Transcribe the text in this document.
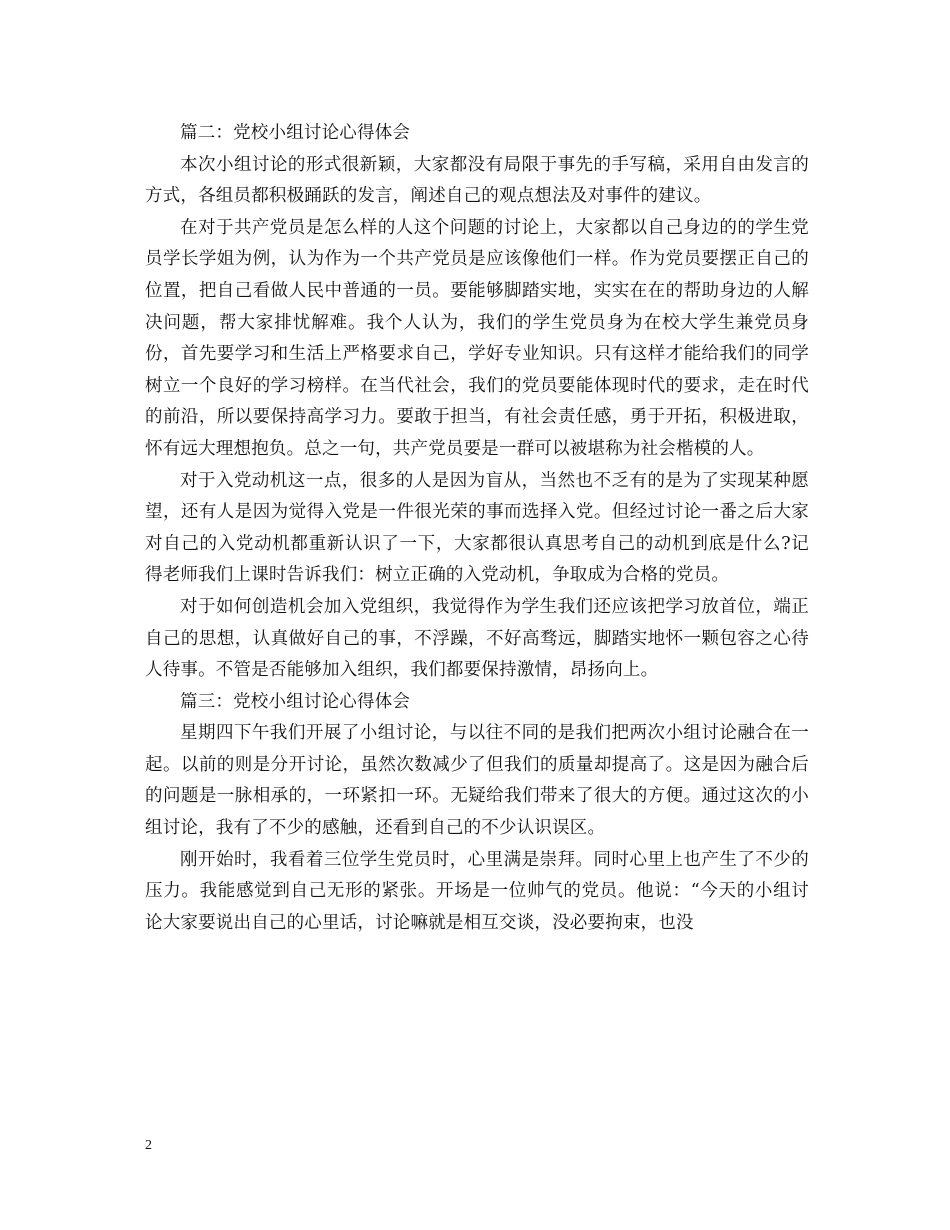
篇二：党校小组讨论心得体会

本次小组讨论的形式很新颖，大家都没有局限于事先的手写稿，采用自由发言的方式，各组员都积极踊跃的发言，阐述自己的观点想法及对事件的建议。

在对于共产党员是怎么样的人这个问题的讨论上，大家都以自己身边的的学生党员学长学姐为例，认为作为一个共产党员是应该像他们一样。作为党员要摆正自己的位置，把自己看做人民中普通的一员。要能够脚踏实地，实实在在的帮助身边的人解决问题，帮大家排忧解难。我个人认为，我们的学生党员身为在校大学生兼党员身份，首先要学习和生活上严格要求自己，学好专业知识。只有这样才能给我们的同学树立一个良好的学习榜样。在当代社会，我们的党员要能体现时代的要求，走在时代的前沿，所以要保持高学习力。要敢于担当，有社会责任感，勇于开拓，积极进取，怀有远大理想抱负。总之一句，共产党员要是一群可以被堪称为社会楷模的人。

对于入党动机这一点，很多的人是因为盲从，当然也不乏有的是为了实现某种愿望，还有人是因为觉得入党是一件很光荣的事而选择入党。但经过讨论一番之后大家对自己的入党动机都重新认识了一下，大家都很认真思考自己的动机到底是什么?记得老师我们上课时告诉我们：树立正确的入党动机，争取成为合格的党员。

对于如何创造机会加入党组织，我觉得作为学生我们还应该把学习放首位，端正自己的思想，认真做好自己的事，不浮躁，不好高骛远，脚踏实地怀一颗包容之心待人待事。不管是否能够加入组织，我们都要保持激情，昂扬向上。

篇三：党校小组讨论心得体会

星期四下午我们开展了小组讨论，与以往不同的是我们把两次小组讨论融合在一起。以前的则是分开讨论，虽然次数减少了但我们的质量却提高了。这是因为融合后的问题是一脉相承的，一环紧扣一环。无疑给我们带来了很大的方便。通过这次的小组讨论，我有了不少的感触，还看到自己的不少认识误区。

刚开始时，我看着三位学生党员时，心里满是崇拜。同时心里上也产生了不少的压力。我能感觉到自己无形的紧张。开场是一位帅气的党员。他说：“今天的小组讨论大家要说出自己的心里话，讨论嘛就是相互交谈，没必要拘束，也没

2
